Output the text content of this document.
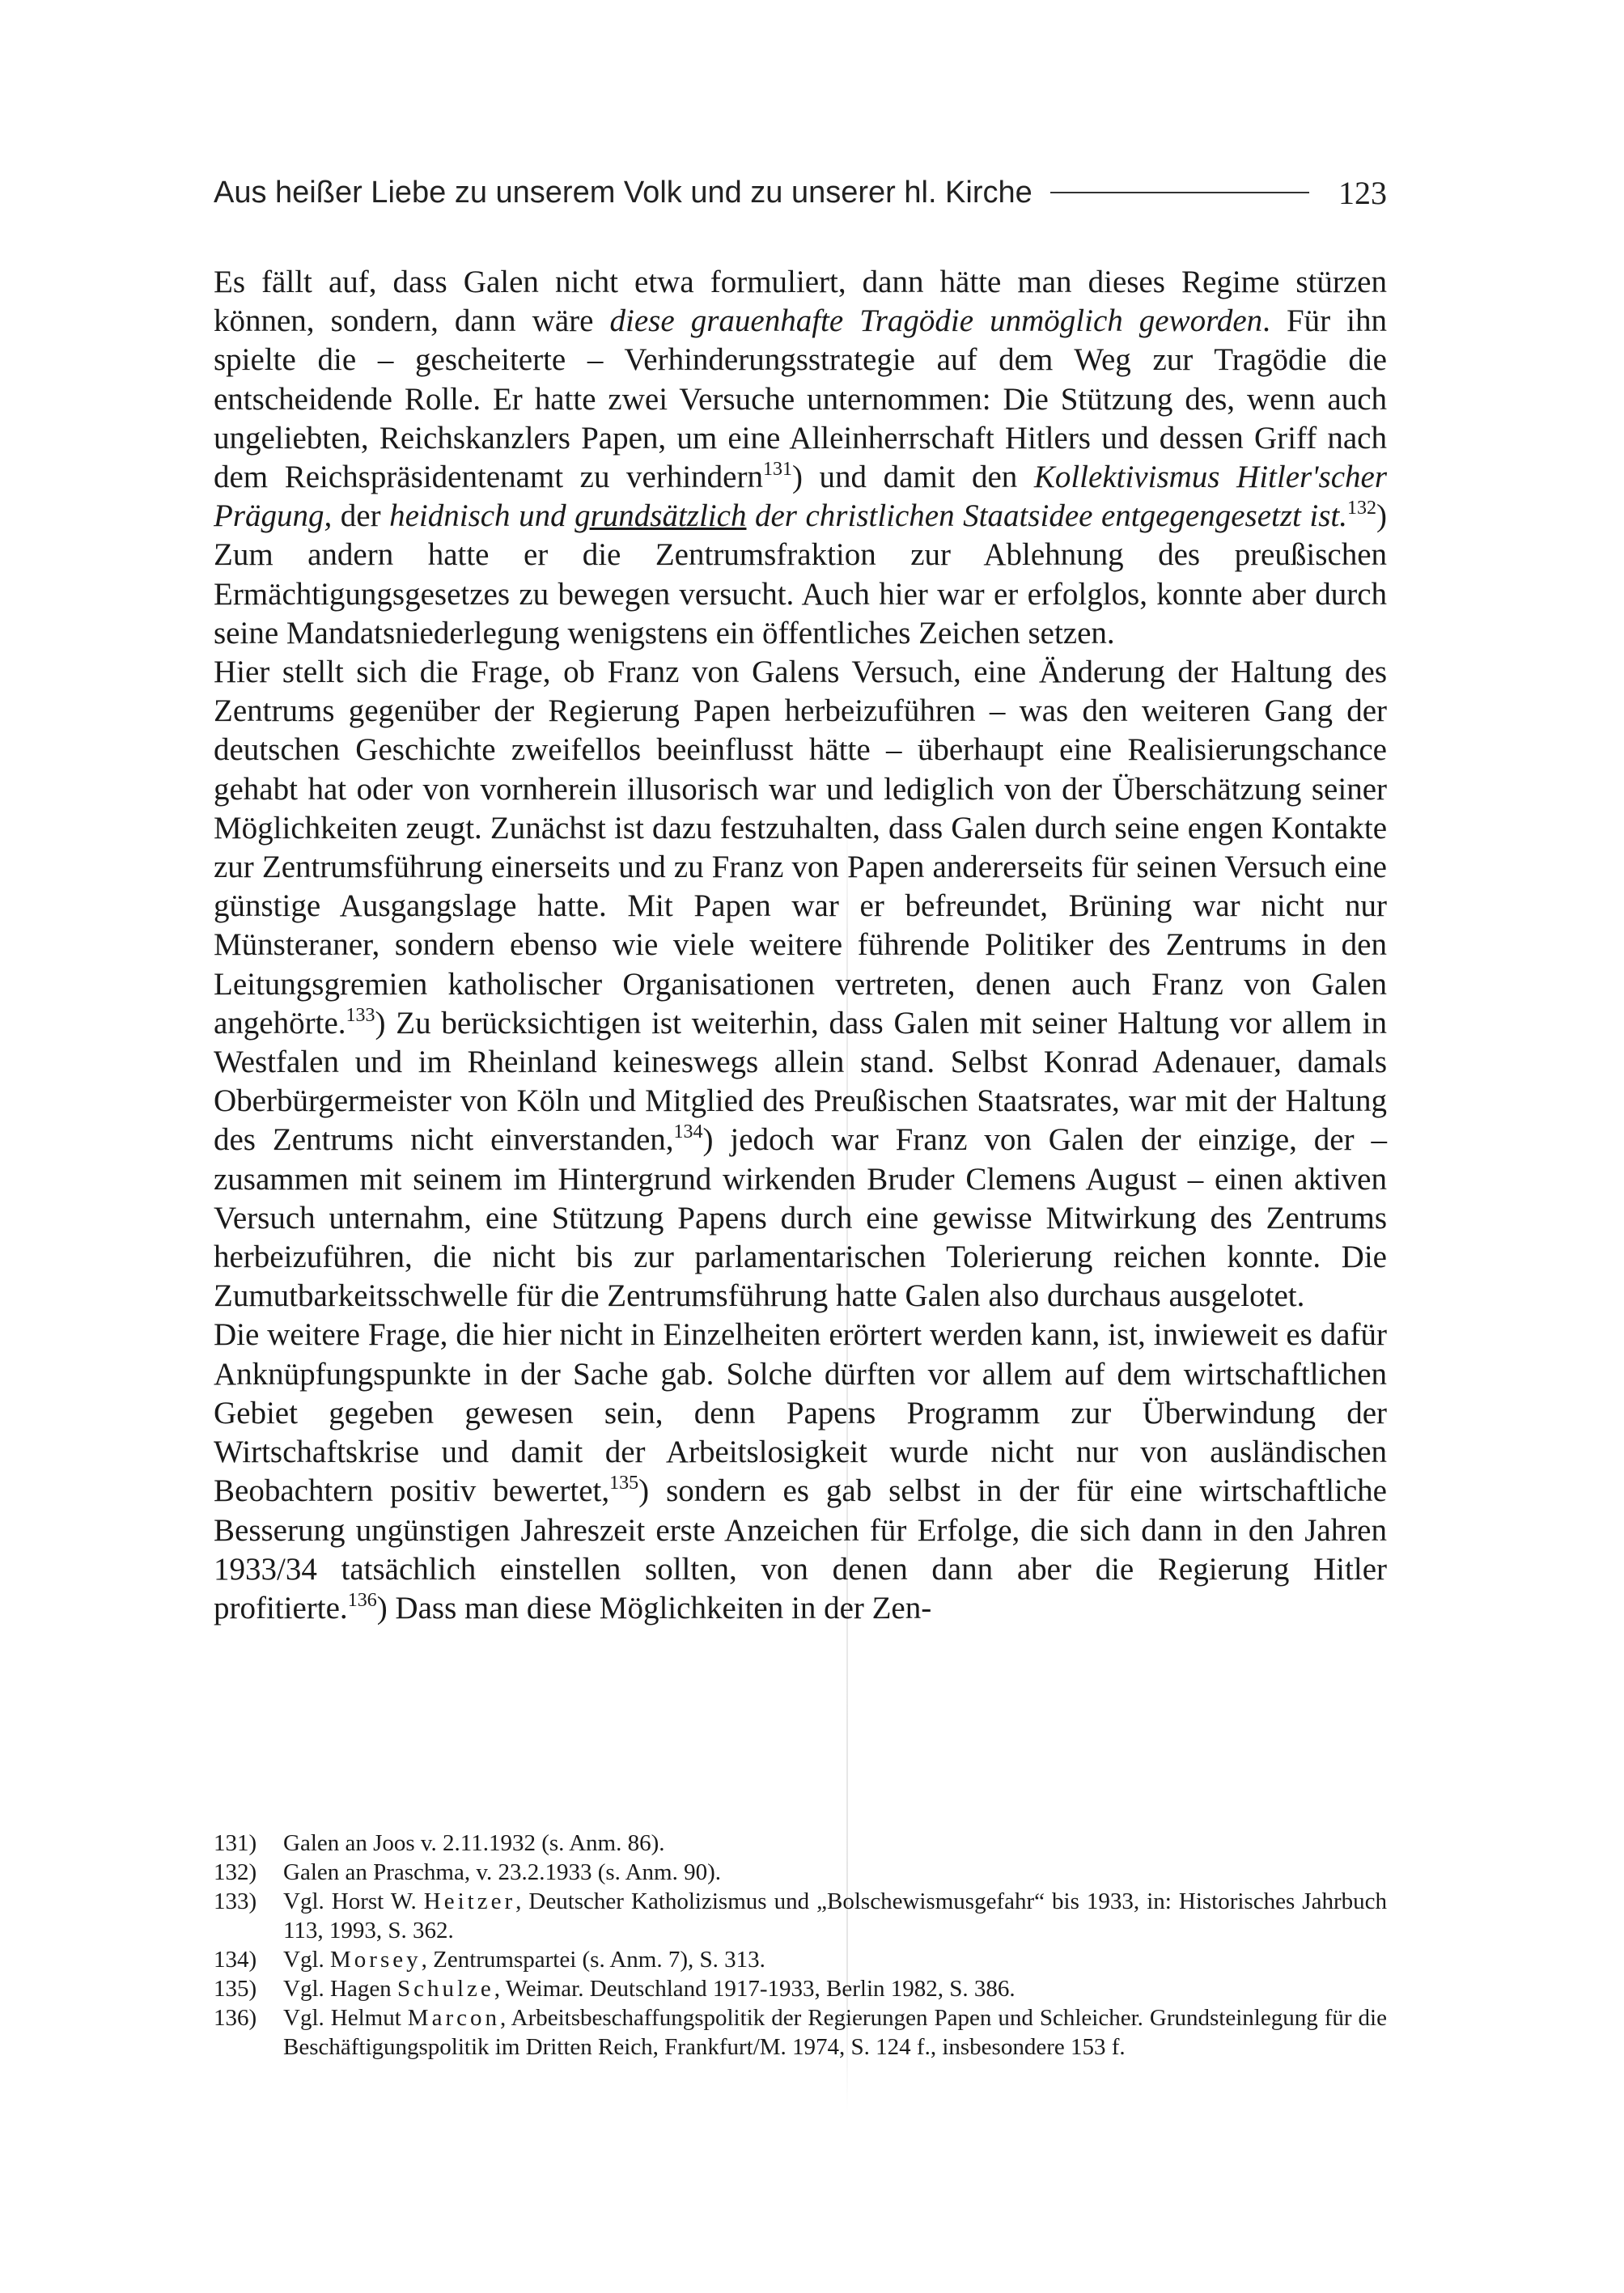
Aus heißer Liebe zu unserem Volk und zu unserer hl. Kirche	123

Es fällt auf, dass Galen nicht etwa formuliert, dann hätte man dieses Regime stürzen können, sondern, dann wäre diese grauenhafte Tragödie unmöglich geworden. Für ihn spielte die – gescheiterte – Verhinderungsstrategie auf dem Weg zur Tragödie die entscheidende Rolle. Er hatte zwei Versuche unternommen: Die Stützung des, wenn auch ungeliebten, Reichskanzlers Papen, um eine Alleinherrschaft Hitlers und dessen Griff nach dem Reichspräsidentenamt zu verhindern$^{131}$) und damit den Kollektivismus Hitler'scher Prägung, der heidnisch und grundsätzlich der christlichen Staatsidee entgegengesetzt ist.$^{132}$) Zum andern hatte er die Zentrumsfraktion zur Ablehnung des preußischen Ermächtigungsgesetzes zu bewegen versucht. Auch hier war er erfolglos, konnte aber durch seine Mandatsniederlegung wenigstens ein öffentliches Zeichen setzen.

Hier stellt sich die Frage, ob Franz von Galens Versuch, eine Änderung der Haltung des Zentrums gegenüber der Regierung Papen herbeizuführen – was den weiteren Gang der deutschen Geschichte zweifellos beeinflusst hätte – überhaupt eine Realisierungschance gehabt hat oder von vornherein illusorisch war und lediglich von der Überschätzung seiner Möglichkeiten zeugt. Zunächst ist dazu festzuhalten, dass Galen durch seine engen Kontakte zur Zentrumsführung einerseits und zu Franz von Papen andererseits für seinen Versuch eine günstige Ausgangslage hatte. Mit Papen war er befreundet, Brüning war nicht nur Münsteraner, sondern ebenso wie viele weitere führende Politiker des Zentrums in den Leitungsgremien katholischer Organisationen vertreten, denen auch Franz von Galen angehörte.$^{133}$) Zu berücksichtigen ist weiterhin, dass Galen mit seiner Haltung vor allem in Westfalen und im Rheinland keineswegs allein stand. Selbst Konrad Adenauer, damals Oberbürgermeister von Köln und Mitglied des Preußischen Staatsrates, war mit der Haltung des Zentrums nicht einverstanden,$^{134}$) jedoch war Franz von Galen der einzige, der – zusammen mit seinem im Hintergrund wirkenden Bruder Clemens August – einen aktiven Versuch unternahm, eine Stützung Papens durch eine gewisse Mitwirkung des Zentrums herbeizuführen, die nicht bis zur parlamentarischen Tolerierung reichen konnte. Die Zumutbarkeitsschwelle für die Zentrumsführung hatte Galen also durchaus ausgelotet.

Die weitere Frage, die hier nicht in Einzelheiten erörtert werden kann, ist, inwieweit es dafür Anknüpfungspunkte in der Sache gab. Solche dürften vor allem auf dem wirtschaftlichen Gebiet gegeben gewesen sein, denn Papens Programm zur Überwindung der Wirtschaftskrise und damit der Arbeitslosigkeit wurde nicht nur von ausländischen Beobachtern positiv bewertet,$^{135}$) sondern es gab selbst in der für eine wirtschaftliche Besserung ungünstigen Jahreszeit erste Anzeichen für Erfolge, die sich dann in den Jahren 1933/34 tatsächlich einstellen sollten, von denen dann aber die Regierung Hitler profitierte.$^{136}$) Dass man diese Möglichkeiten in der Zen-

131)	Galen an Joos v. 2.11.1932 (s. Anm. 86).
132)	Galen an Praschma, v. 23.2.1933 (s. Anm. 90).
133)	Vgl. Horst W. Heitzer, Deutscher Katholizismus und „Bolschewismusgefahr“ bis 1933, in: Historisches Jahrbuch 113, 1993, S. 362.
134)	Vgl. Morsey, Zentrumspartei (s. Anm. 7), S. 313.
135)	Vgl. Hagen Schulze, Weimar. Deutschland 1917-1933, Berlin 1982, S. 386.
136)	Vgl. Helmut Marcon, Arbeitsbeschaffungspolitik der Regierungen Papen und Schleicher. Grundsteinlegung für die Beschäftigungspolitik im Dritten Reich, Frankfurt/M. 1974, S. 124 f., insbesondere 153 f.
